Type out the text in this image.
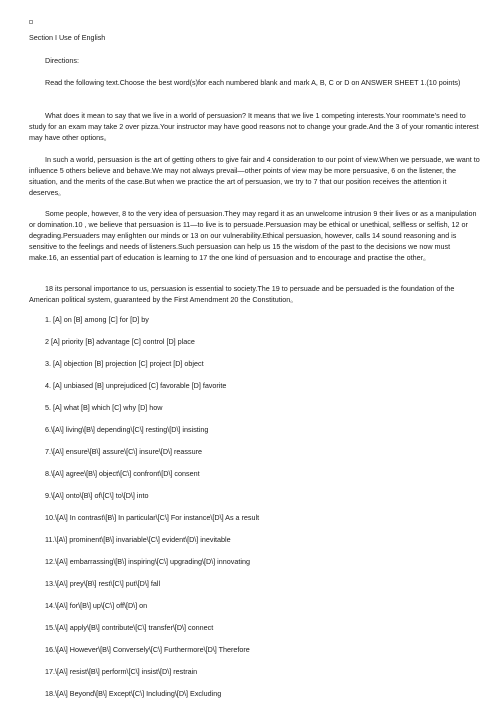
Section I Use of English

Directions:

Read the following text.Choose the best word(s)for each numbered blank and mark A, B, C or D on ANSWER SHEET 1.(10 points)

What does it mean to say that we live in a world of persuasion? It means that we live 1 competing interests.Your roommate’s need to study for an exam may take 2 over pizza.Your instructor may have good reasons not to change your grade.And the 3 of your romantic interest may have other options。

In such a world, persuasion is the art of getting others to give fair and 4 consideration to our point of view.When we persuade, we want to influence 5 others believe and behave.We may not always prevail—other points of view may be more persuasive, 6 on the listener, the situation, and the merits of the case.But when we practice the art of persuasion, we try to 7 that our position receives the attention it deserves。

Some people, however, 8 to the very idea of persuasion.They may regard it as an unwelcome intrusion 9 their lives or as a manipulation or domination.10 , we believe that persuasion is 11—to live is to persuade.Persuasion may be ethical or unethical, selfless or selfish, 12 or degrading.Persuaders may enlighten our minds or 13 on our vulnerability.Ethical persuasion, however, calls 14 sound reasoning and is sensitive to the feelings and needs of listeners.Such persuasion can help us 15 the wisdom of the past to the decisions we now must make.16, an essential part of education is learning to 17 the one kind of persuasion and to encourage and practise the other。

18 its personal importance to us, persuasion is essential to society.The 19 to persuade and be persuaded is the foundation of the American political system, guaranteed by the First Amendment 20 the Constitution。

1. [A] on [B] among [C] for [D] by

2 [A] priority [B] advantage [C] control [D] place

3. [A] objection [B] projection [C] project [D] object

4. [A] unbiased [B] unprejudiced [C] favorable [D] favorite

5. [A] what [B] which [C] why [D] how

6.\[A\] living\[B\] depending\[C\] resting\[D\] insisting

7.\[A\] ensure\[B\] assure\[C\] insure\[D\] reassure

8.\[A\] agree\[B\] object\[C\] confront\[D\] consent

9.\[A\] onto\[B\] of\[C\] to\[D\] into

10.\[A\] In contrast\[B\] In particular\[C\] For instance\[D\] As a result

11.\[A\] prominent\[B\] invariable\[C\] evident\[D\] inevitable

12.\[A\] embarrassing\[B\] inspiring\[C\] upgrading\[D\] innovating

13.\[A\] prey\[B\] rest\[C\] put\[D\] fall

14.\[A\] for\[B\] up\[C\] off\[D\] on

15.\[A\] apply\[B\] contribute\[C\] transfer\[D\] connect

16.\[A\] However\[B\] Conversely\[C\] Furthermore\[D\] Therefore

17.\[A\] resist\[B\] perform\[C\] insist\[D\] restrain

18.\[A\] Beyond\[B\] Except\[C\] Including\[D\] Excluding
